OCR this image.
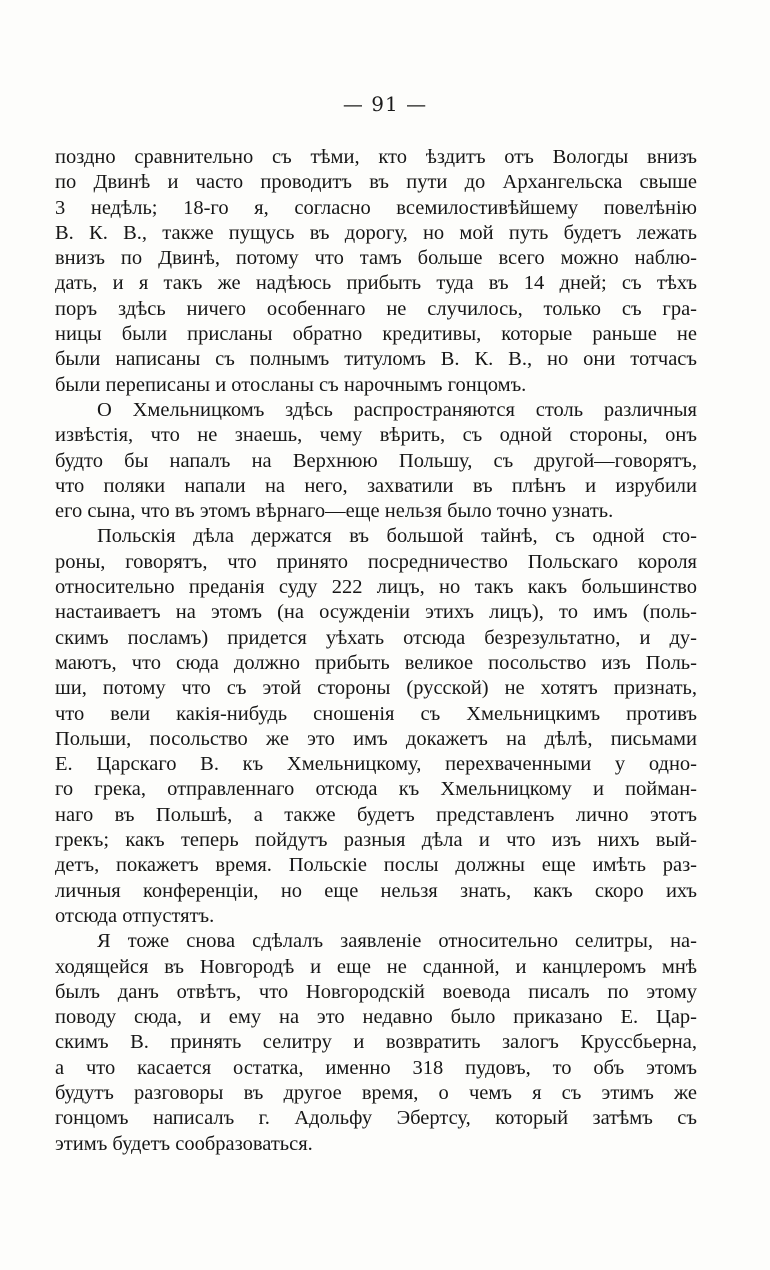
— 91 —
поздно сравнительно съ тѣми, кто ѣздитъ отъ Вологды внизъ
по Двинѣ и часто проводитъ въ пути до Архангельска свыше
3 недѣль; 18-го я, согласно всемилостивѣйшему повелѣнію
В. К. В., также пущусь въ дорогу, но мой путь будетъ лежать
внизъ по Двинѣ, потому что тамъ больше всего можно наблю-
дать, и я такъ же надѣюсь прибыть туда въ 14 дней; съ тѣхъ
поръ здѣсь ничего особеннаго не случилось, только съ гра-
ницы были присланы обратно кредитивы, которые раньше не
были написаны съ полнымъ титуломъ В. К. В., но они тотчасъ
были переписаны и отосланы съ нарочнымъ гонцомъ.
О Хмельницкомъ здѣсь распространяются столь различныя
извѣстія, что не знаешь, чему вѣрить, съ одной стороны, онъ
будто бы напалъ на Верхнюю Польшу, съ другой—говорятъ,
что поляки напали на него, захватили въ плѣнъ и изрубили
его сына, что въ этомъ вѣрнаго—еще нельзя было точно узнать.
Польскія дѣла держатся въ большой тайнѣ, съ одной сто-
роны, говорятъ, что принято посредничество Польскаго короля
относительно преданія суду 222 лицъ, но такъ какъ большинство
настаиваетъ на этомъ (на осужденіи этихъ лицъ), то имъ (поль-
скимъ посламъ) придется уѣхать отсюда безрезультатно, и ду-
маютъ, что сюда должно прибыть великое посольство изъ Поль-
ши, потому что съ этой стороны (русской) не хотятъ признать,
что вели какія-нибудь сношенія съ Хмельницкимъ противъ
Польши, посольство же это имъ докажетъ на дѣлѣ, письмами
Е. Царскаго В. къ Хмельницкому, перехваченными у одно-
го грека, отправленнаго отсюда къ Хмельницкому и пойман-
наго въ Польшѣ, а также будетъ представленъ лично этотъ
грекъ; какъ теперь пойдутъ разныя дѣла и что изъ нихъ вый-
детъ, покажетъ время. Польскіе послы должны еще имѣть раз-
личныя конференціи, но еще нельзя знать, какъ скоро ихъ
отсюда отпустятъ.
Я тоже снова сдѣлалъ заявленіе относительно селитры, на-
ходящейся въ Новгородѣ и еще не сданной, и канцлеромъ мнѣ
былъ данъ отвѣтъ, что Новгородскій воевода писалъ по этому
поводу сюда, и ему на это недавно было приказано Е. Цар-
скимъ В. принять селитру и возвратить залогъ Круссбьерна,
а что касается остатка, именно 318 пудовъ, то объ этомъ
будутъ разговоры въ другое время, о чемъ я съ этимъ же
гонцомъ написалъ г. Адольфу Эбертсу, который затѣмъ съ
этимъ будетъ сообразоваться.
